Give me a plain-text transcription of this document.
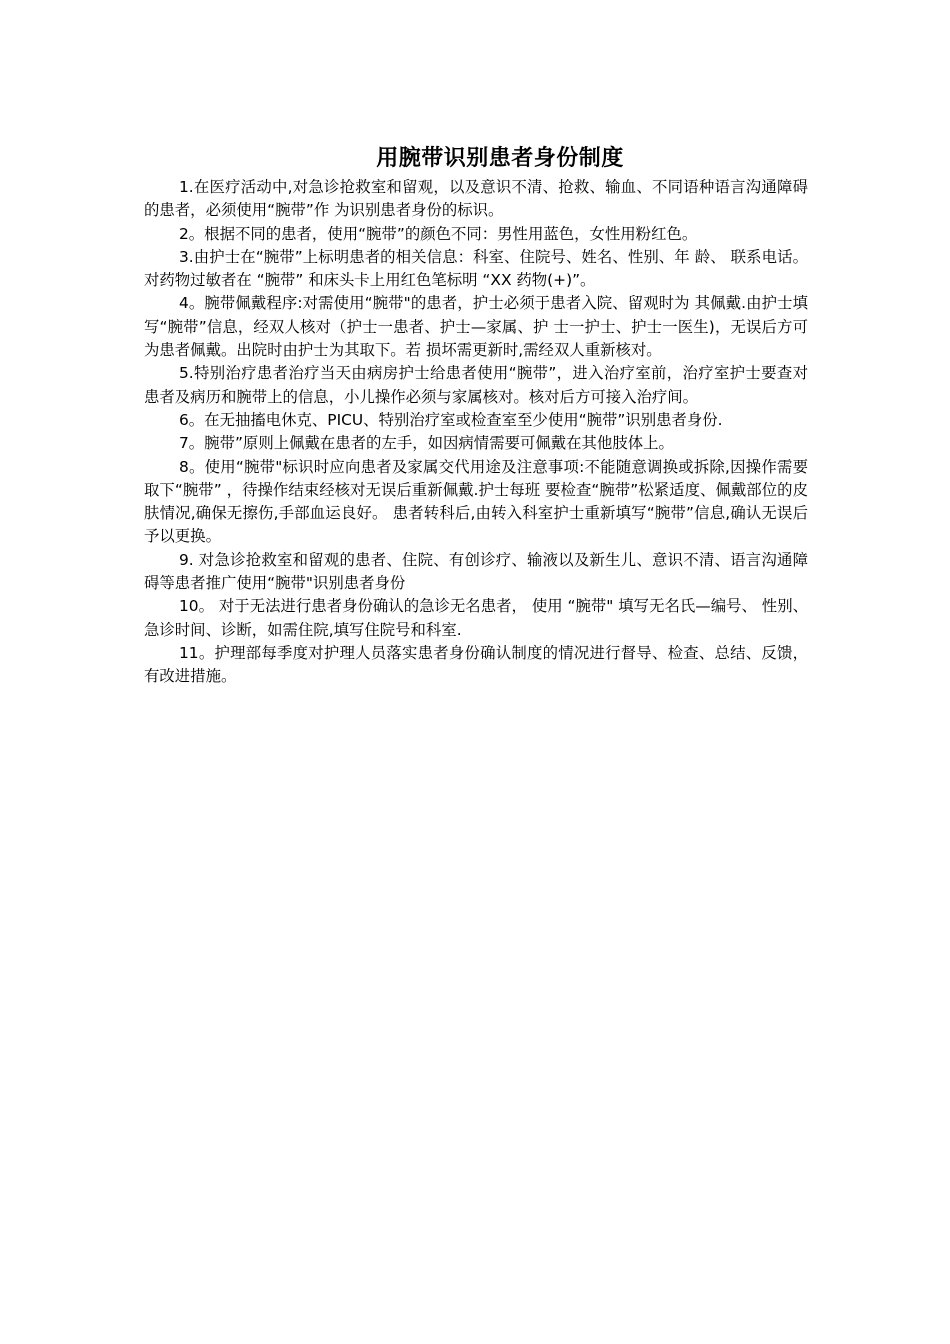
用腕带识别患者身份制度

1.在医疗活动中,对急诊抢救室和留观，以及意识不清、抢救、输血、不同语种语言沟通障碍的患者，必须使用“腕带”作 为识别患者身份的标识。

2。根据不同的患者，使用“腕带”的颜色不同：男性用蓝色，女性用粉红色。

3.由护士在“腕带”上标明患者的相关信息：科室、住院号、姓名、性别、年 龄、 联系电话。 对药物过敏者在 “腕带” 和床头卡上用红色笔标明 “XX 药物(+)”。

4。腕带佩戴程序:对需使用“腕带"的患者，护士必须于患者入院、留观时为 其佩戴.由护士填写“腕带”信息，经双人核对（护士一患者、护士—家属、护 士一护士、护士一医生)，无误后方可为患者佩戴。出院时由护士为其取下。若 损坏需更新时,需经双人重新核对。

5.特别治疗患者治疗当天由病房护士给患者使用“腕带”，进入治疗室前，治疗室护士要查对患者及病历和腕带上的信息，小儿操作必须与家属核对。核对后方可接入治疗间。

6。在无抽搐电休克、PICU、特别治疗室或检查室至少使用“腕带”识别患者身份.

7。腕带”原则上佩戴在患者的左手，如因病情需要可佩戴在其他肢体上。

8。使用“腕带"标识时应向患者及家属交代用途及注意事项:不能随意调换或拆除,因操作需要取下“腕带” ，待操作结束经核对无误后重新佩戴.护士每班 要检查“腕带”松紧适度、佩戴部位的皮肤情况,确保无擦伤,手部血运良好。 患者转科后,由转入科室护士重新填写“腕带”信息,确认无误后予以更换。

9. 对急诊抢救室和留观的患者、住院、有创诊疗、输液以及新生儿、意识不清、语言沟通障碍等患者推广使用“腕带"识别患者身份

10。 对于无法进行患者身份确认的急诊无名患者， 使用 “腕带" 填写无名氏—编号、 性别、急诊时间、诊断，如需住院,填写住院号和科室.

11。护理部每季度对护理人员落实患者身份确认制度的情况进行督导、检查、总结、反馈，有改进措施。
